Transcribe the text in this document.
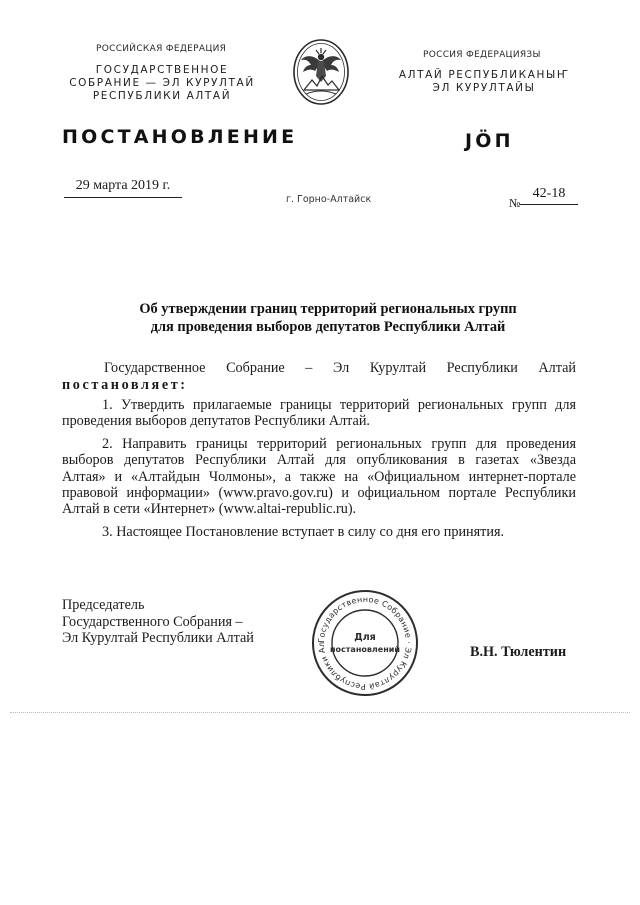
РОССИЙСКАЯ ФЕДЕРАЦИЯ
ГОСУДАРСТВЕННОЕ
СОБРАНИЕ — ЭЛ КУРУЛТАЙ
РЕСПУБЛИКИ АЛТАЙ
РОССИЯ ФЕДЕРАЦИЯЗЫ
АЛТАЙ РЕСПУБЛИКАНЫҤ
ЭЛ КУРУЛТАЙЫ
ПОСТАНОВЛЕНИЕ	JӦП
29 марта 2019 г.
г. Горно-Алтайск	№
42-18
Об утверждении границ территорий региональных групп
для проведения выборов депутатов Республики Алтай
Государственное Собрание – Эл Курултай Республики Алтай
постановляет:
1. Утвердить прилагаемые границы территорий региональных групп для
проведения выборов депутатов Республики Алтай.
2. Направить границы территорий региональных групп для проведения
выборов депутатов Республики Алтай для опубликования в газетах «Звезда
Алтая» и «Алтайдын Чолмоны», а также на «Официальном интернет-портале
правовой информации» (www.pravo.gov.ru) и официальном портале Республики
Алтай в сети «Интернет» (www.altai-republic.ru).
3. Настоящее Постановление вступает в силу со дня его принятия.
Председатель
Государственного Собрания –
Эл Курултай Республики Алтай	Государственное Собрание · Эл Курултай Республики Ал
Для
постановлений	В.Н. Тюлентин
